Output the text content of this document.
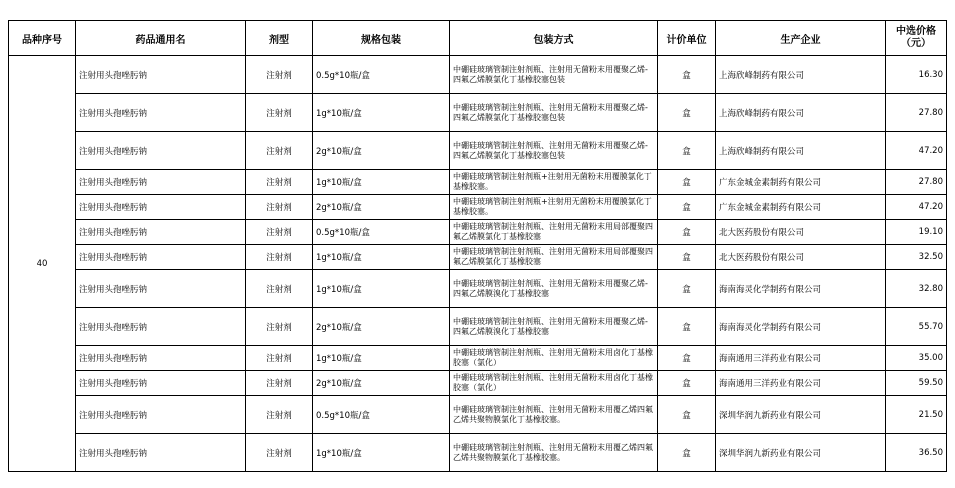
品种序号	药品通用名	剂型	规格包装	包装方式	计价单位	生产企业	中选价格
（元）

40	注射用头孢唑肟钠	注射剂	0.5g*10瓶/盒	中硼硅玻璃管制注射剂瓶、注射用无菌粉末用覆聚乙烯-四氟乙烯膜氯化丁基橡胶塞包装	盒	上海欣峰制药有限公司	16.30
	注射用头孢唑肟钠	注射剂	1g*10瓶/盒	中硼硅玻璃管制注射剂瓶、注射用无菌粉末用覆聚乙烯-四氟乙烯膜氯化丁基橡胶塞包装	盒	上海欣峰制药有限公司	27.80
	注射用头孢唑肟钠	注射剂	2g*10瓶/盒	中硼硅玻璃管制注射剂瓶、注射用无菌粉末用覆聚乙烯-四氟乙烯膜氯化丁基橡胶塞包装	盒	上海欣峰制药有限公司	47.20
	注射用头孢唑肟钠	注射剂	1g*10瓶/盒	中硼硅玻璃管制注射剂瓶+注射用无菌粉末用覆膜氯化丁基橡胶塞。	盒	广东金城金素制药有限公司	27.80
	注射用头孢唑肟钠	注射剂	2g*10瓶/盒	中硼硅玻璃管制注射剂瓶+注射用无菌粉末用覆膜氯化丁基橡胶塞。	盒	广东金城金素制药有限公司	47.20
	注射用头孢唑肟钠	注射剂	0.5g*10瓶/盒	中硼硅玻璃管制注射剂瓶、注射用无菌粉末用局部覆聚四氟乙烯膜氯化丁基橡胶塞	盒	北大医药股份有限公司	19.10
	注射用头孢唑肟钠	注射剂	1g*10瓶/盒	中硼硅玻璃管制注射剂瓶、注射用无菌粉末用局部覆聚四氟乙烯膜氯化丁基橡胶塞	盒	北大医药股份有限公司	32.50
	注射用头孢唑肟钠	注射剂	1g*10瓶/盒	中硼硅玻璃管制注射剂瓶、注射用无菌粉末用覆聚乙烯-四氟乙烯膜溴化丁基橡胶塞	盒	海南海灵化学制药有限公司	32.80
	注射用头孢唑肟钠	注射剂	2g*10瓶/盒	中硼硅玻璃管制注射剂瓶、注射用无菌粉末用覆聚乙烯-四氟乙烯膜溴化丁基橡胶塞	盒	海南海灵化学制药有限公司	55.70
	注射用头孢唑肟钠	注射剂	1g*10瓶/盒	中硼硅玻璃管制注射剂瓶、注射用无菌粉末用卤化丁基橡胶塞（氯化）	盒	海南通用三洋药业有限公司	35.00
	注射用头孢唑肟钠	注射剂	2g*10瓶/盒	中硼硅玻璃管制注射剂瓶、注射用无菌粉末用卤化丁基橡胶塞（氯化）	盒	海南通用三洋药业有限公司	59.50
	注射用头孢唑肟钠	注射剂	0.5g*10瓶/盒	中硼硅玻璃管制注射剂瓶、注射用无菌粉末用覆乙烯四氟乙烯共聚物膜氯化丁基橡胶塞。	盒	深圳华润九新药业有限公司	21.50
	注射用头孢唑肟钠	注射剂	1g*10瓶/盒	中硼硅玻璃管制注射剂瓶、注射用无菌粉末用覆乙烯四氟乙烯共聚物膜氯化丁基橡胶塞。	盒	深圳华润九新药业有限公司	36.50
